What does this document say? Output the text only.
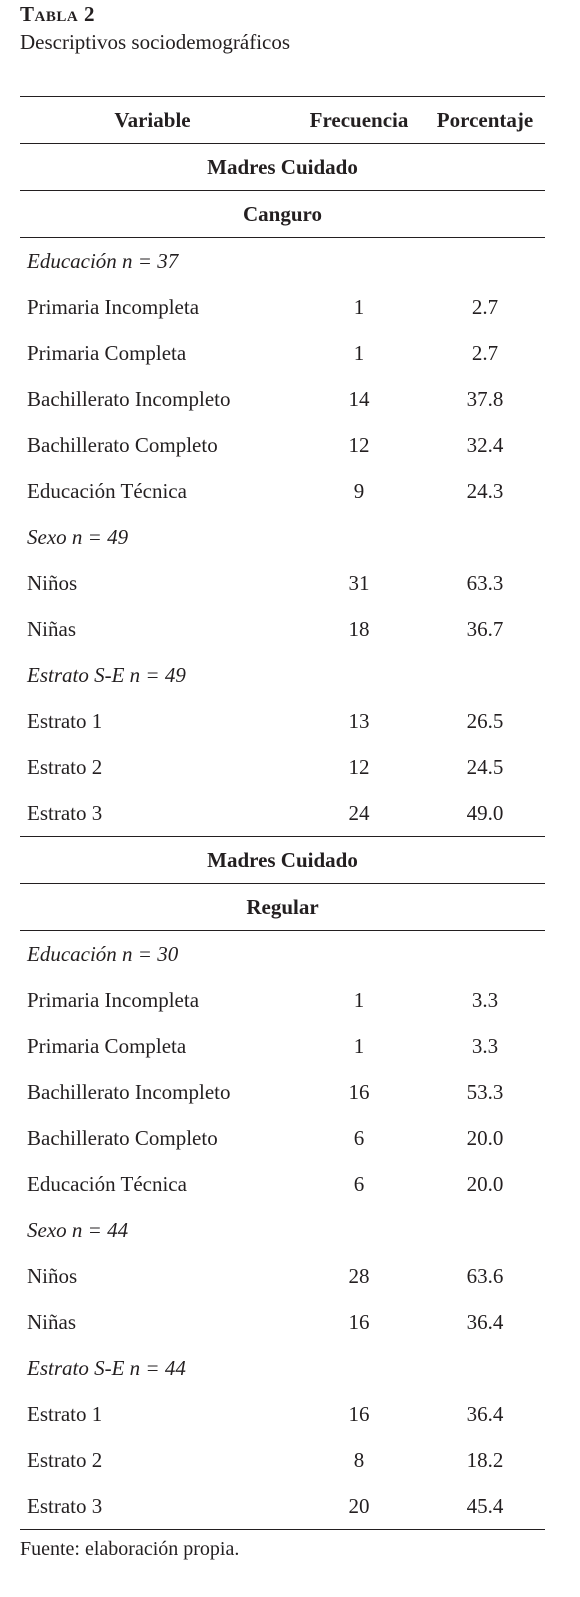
Tabla 2
Descriptivos sociodemográficos
Variable	Frecuencia	Porcentaje
Madres Cuidado		
Canguro		
Educación n = 37		
Primaria Incompleta	1	2.7
Primaria Completa	1	2.7
Bachillerato Incompleto	14	37.8
Bachillerato Completo	12	32.4
Educación Técnica	9	24.3
Sexo n = 49		
Niños	31	63.3
Niñas	18	36.7
Estrato S-E n = 49		
Estrato 1	13	26.5
Estrato 2	12	24.5
Estrato 3	24	49.0
Madres Cuidado		
Regular		
Educación n = 30		
Primaria Incompleta	1	3.3
Primaria Completa	1	3.3
Bachillerato Incompleto	16	53.3
Bachillerato Completo	6	20.0
Educación Técnica	6	20.0
Sexo n = 44		
Niños	28	63.6
Niñas	16	36.4
Estrato S-E n = 44		
Estrato 1	16	36.4
Estrato 2	8	18.2
Estrato 3	20	45.4
Fuente: elaboración propia.
